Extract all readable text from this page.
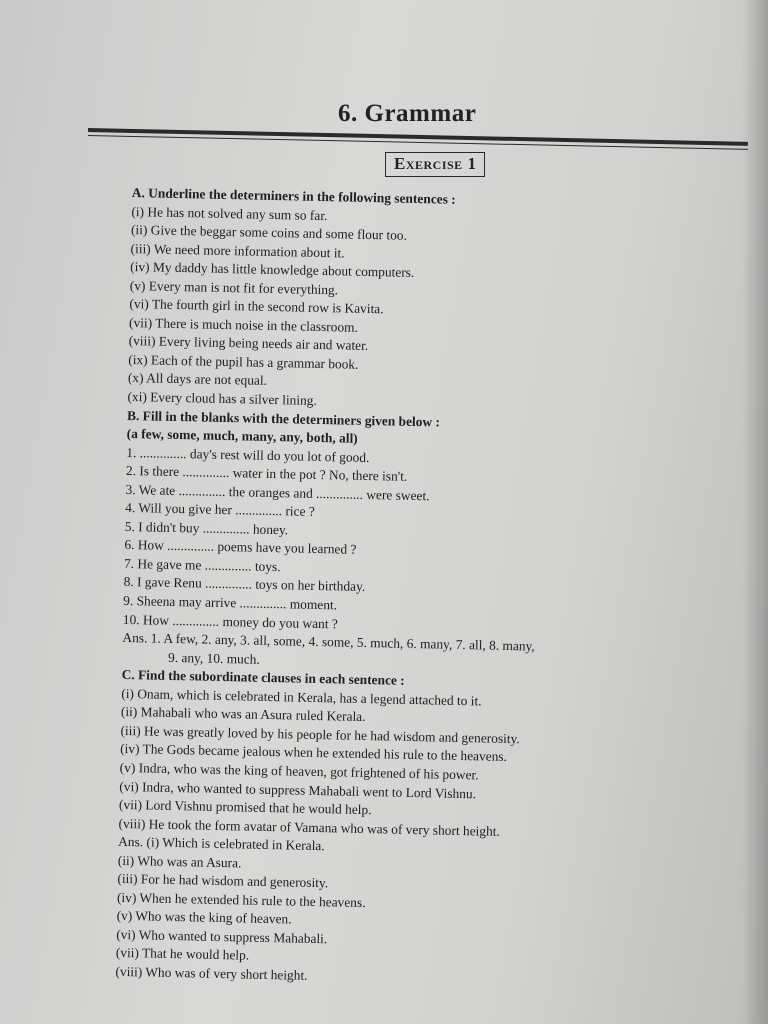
6. Grammar
Exercise 1
A. Underline the determiners in the following sentences :
(i) He has not solved any sum so far.
(ii) Give the beggar some coins and some flour too.
(iii) We need more information about it.
(iv) My daddy has little knowledge about computers.
(v) Every man is not fit for everything.
(vi) The fourth girl in the second row is Kavita.
(vii) There is much noise in the classroom.
(viii) Every living being needs air and water.
(ix) Each of the pupil has a grammar book.
(x) All days are not equal.
(xi) Every cloud has a silver lining.
B. Fill in the blanks with the determiners given below :
(a few, some, much, many, any, both, all)
1. .............. day's rest will do you lot of good.
2. Is there .............. water in the pot ? No, there isn't.
3. We ate .............. the oranges and .............. were sweet.
4. Will you give her .............. rice ?
5. I didn't buy .............. honey.
6. How .............. poems have you learned ?
7. He gave me .............. toys.
8. I gave Renu .............. toys on her birthday.
9. Sheena may arrive .............. moment.
10. How .............. money do you want ?
Ans. 1. A few, 2. any, 3. all, some, 4. some, 5. much, 6. many, 7. all, 8. many,
9. any, 10. much.
C. Find the subordinate clauses in each sentence :
(i) Onam, which is celebrated in Kerala, has a legend attached to it.
(ii) Mahabali who was an Asura ruled Kerala.
(iii) He was greatly loved by his people for he had wisdom and generosity.
(iv) The Gods became jealous when he extended his rule to the heavens.
(v) Indra, who was the king of heaven, got frightened of his power.
(vi) Indra, who wanted to suppress Mahabali went to Lord Vishnu.
(vii) Lord Vishnu promised that he would help.
(viii) He took the form avatar of Vamana who was of very short height.
Ans. (i) Which is celebrated in Kerala.
(ii) Who was an Asura.
(iii) For he had wisdom and generosity.
(iv) When he extended his rule to the heavens.
(v) Who was the king of heaven.
(vi) Who wanted to suppress Mahabali.
(vii) That he would help.
(viii) Who was of very short height.
